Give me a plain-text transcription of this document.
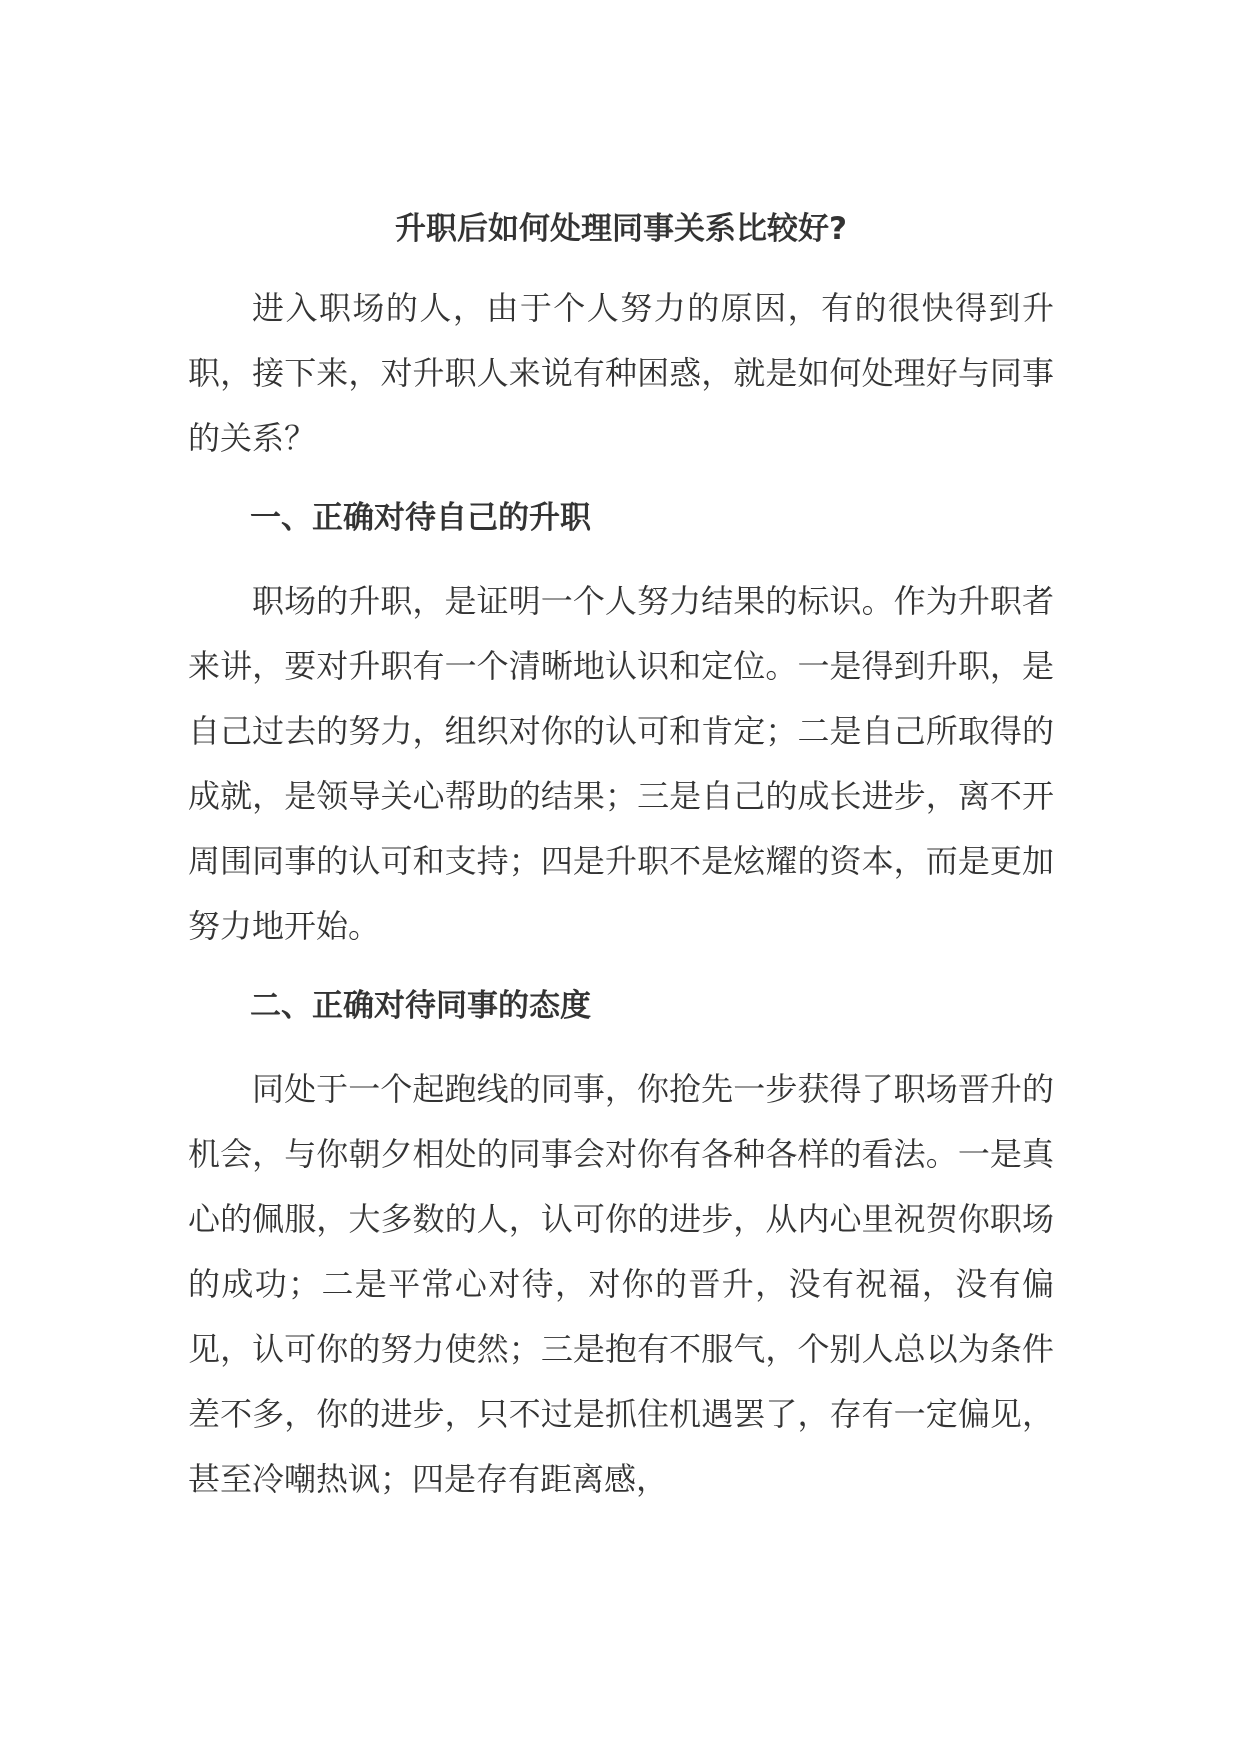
升职后如何处理同事关系比较好?

进入职场的人，由于个人努力的原因，有的很快得到升职，接下来，对升职人来说有种困惑，就是如何处理好与同事的关系？

一、正确对待自己的升职

职场的升职，是证明一个人努力结果的标识。作为升职者来讲，要对升职有一个清晰地认识和定位。一是得到升职，是自己过去的努力，组织对你的认可和肯定；二是自己所取得的成就，是领导关心帮助的结果；三是自己的成长进步，离不开周围同事的认可和支持；四是升职不是炫耀的资本，而是更加努力地开始。

二、正确对待同事的态度

同处于一个起跑线的同事，你抢先一步获得了职场晋升的机会，与你朝夕相处的同事会对你有各种各样的看法。一是真心的佩服，大多数的人，认可你的进步，从内心里祝贺你职场的成功；二是平常心对待，对你的晋升，没有祝福，没有偏见，认可你的努力使然；三是抱有不服气，个别人总以为条件差不多，你的进步，只不过是抓住机遇罢了，存有一定偏见，甚至冷嘲热讽；四是存有距离感，
